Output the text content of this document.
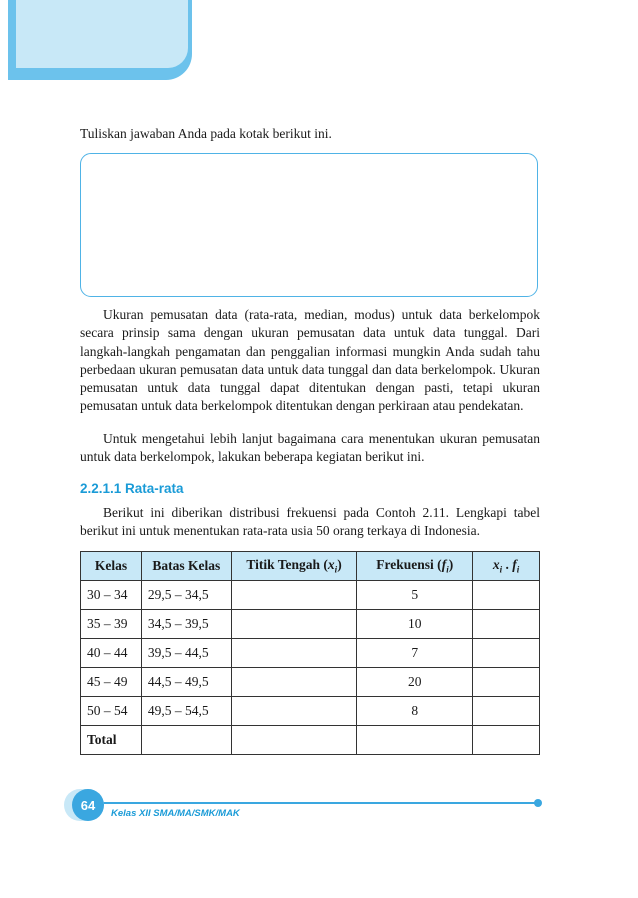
Tuliskan jawaban Anda pada kotak berikut ini.

Ukuran pemusatan data (rata-rata, median, modus) untuk data berkelompok secara prinsip sama dengan ukuran pemusatan data untuk data tunggal. Dari langkah-langkah pengamatan dan penggalian informasi mungkin Anda sudah tahu perbedaan ukuran pemusatan data untuk data tunggal dan data berkelompok. Ukuran pemusatan untuk data tunggal dapat ditentukan dengan pasti, tetapi ukuran pemusatan untuk data berkelompok ditentukan dengan perkiraan atau pendekatan.

Untuk mengetahui lebih lanjut bagaimana cara menentukan ukuran pemusatan untuk data berkelompok, lakukan beberapa kegiatan berikut ini.

2.2.1.1 Rata-rata

Berikut ini diberikan distribusi frekuensi pada Contoh 2.11. Lengkapi tabel berikut ini untuk menentukan rata-rata usia 50 orang terkaya di Indonesia.

Kelas	Batas Kelas	Titik Tengah $(x_i)$	Frekuensi $(f_i)$	$x_i$ . $f_i$
30 – 34	29,5 – 34,5		5	
35 – 39	34,5 – 39,5		10	
40 – 44	39,5 – 44,5		7	
45 – 49	44,5 – 49,5		20	
50 – 54	49,5 – 54,5		8	
Total				
64
Kelas XII SMA/MA/SMK/MAK
